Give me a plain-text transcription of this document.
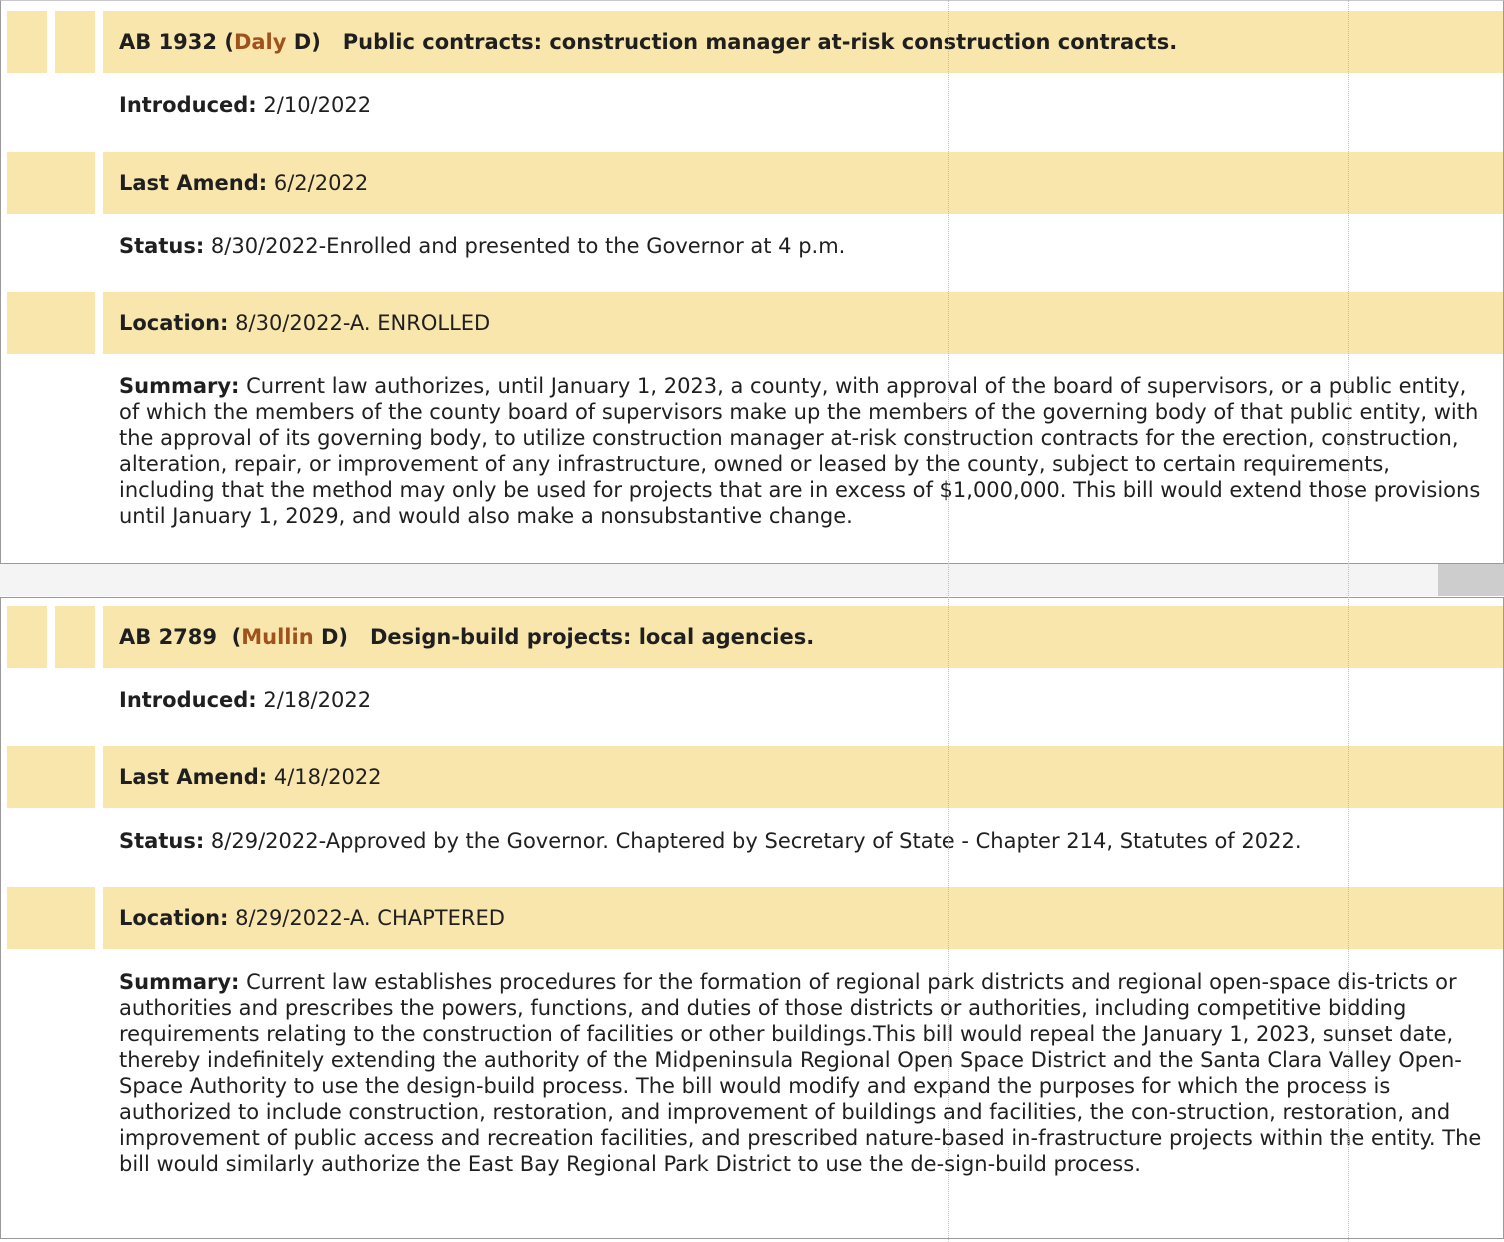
AB 1932 (Daly D)   Public contracts: construction manager at-risk construction contracts.
Introduced: 2/10/2022
Last Amend: 6/2/2022
Status: 8/30/2022-Enrolled and presented to the Governor at 4 p.m.
Location: 8/30/2022-A. ENROLLED
Summary: Current law authorizes, until January 1, 2023, a county, with approval of the board of supervisors, or a public entity, of which the members of the county board of supervisors make up the members of the governing body of that public entity, with the approval of its governing body, to utilize construction manager at-risk construction contracts for the erection, construction, alteration, repair, or improvement of any infrastructure, owned or leased by the county, subject to certain requirements, including that the method may only be used for projects that are in excess of $1,000,000. This bill would extend those provisions until January 1, 2029, and would also make a nonsubstantive change.
AB 2789  (Mullin D)   Design-build projects: local agencies.
Introduced: 2/18/2022
Last Amend: 4/18/2022
Status: 8/29/2022-Approved by the Governor. Chaptered by Secretary of State - Chapter 214, Statutes of 2022.
Location: 8/29/2022-A. CHAPTERED
Summary: Current law establishes procedures for the formation of regional park districts and regional open-space dis-tricts or authorities and prescribes the powers, functions, and duties of those districts or authorities, including competitive bidding requirements relating to the construction of facilities or other buildings.This bill would repeal the January 1, 2023, sunset date, thereby indefinitely extending the authority of the Midpeninsula Regional Open Space District and the Santa Clara Valley Open-Space Authority to use the design-build process. The bill would modify and expand the purposes for which the process is authorized to include construction, restoration, and improvement of buildings and facilities, the con-struction, restoration, and improvement of public access and recreation facilities, and prescribed nature-based in-frastructure projects within the entity. The bill would similarly authorize the East Bay Regional Park District to use the de-sign-build process.
